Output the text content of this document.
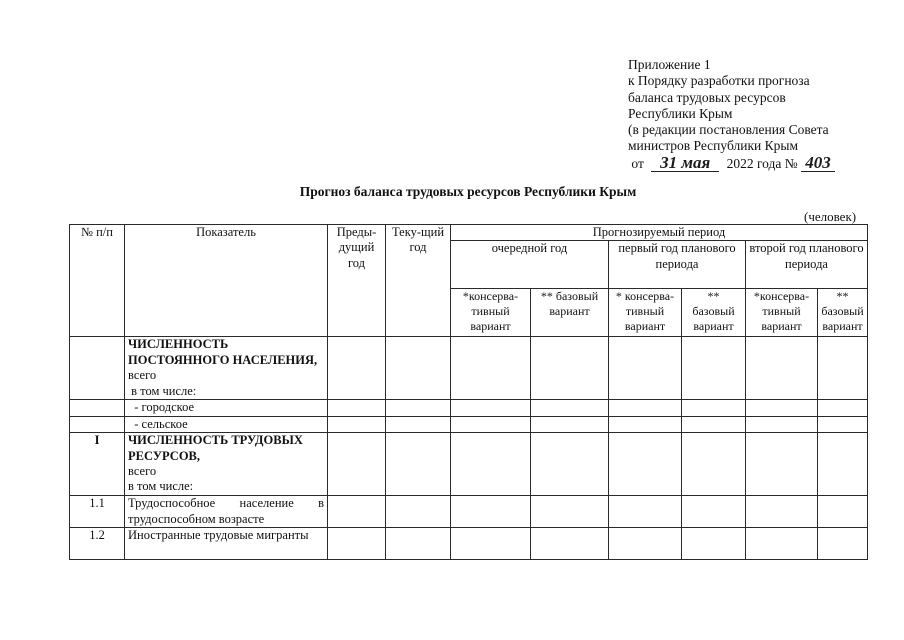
Приложение 1
к Порядку разработки прогноза
баланса трудовых ресурсов
Республики Крым
(в редакции постановления Совета
министров Республики Крым
от 31 мая 2022 года № 403
Прогноз баланса трудовых ресурсов Республики Крым
(человек)
№ п/п	Показатель	Преды-дущий год	Теку-щий год	Прогнозируемый период					
				очередной год		первый год планового периода		второй год планового периода	
				*консерва-тивный вариант	** базовый вариант	* консерва-тивный вариант	** базовый вариант	*консерва-тивный вариант	** базовый вариант
	ЧИСЛЕННОСТЬ ПОСТОЯННОГО НАСЕЛЕНИЯ, всего
в том числе:								
	- городское								
	- сельское								
I	ЧИСЛЕННОСТЬ ТРУДОВЫХ РЕСУРСОВ,
всего
в том числе:								
1.1	Трудоспособное население в трудоспособном возрасте								
1.2	Иностранные трудовые мигранты								
